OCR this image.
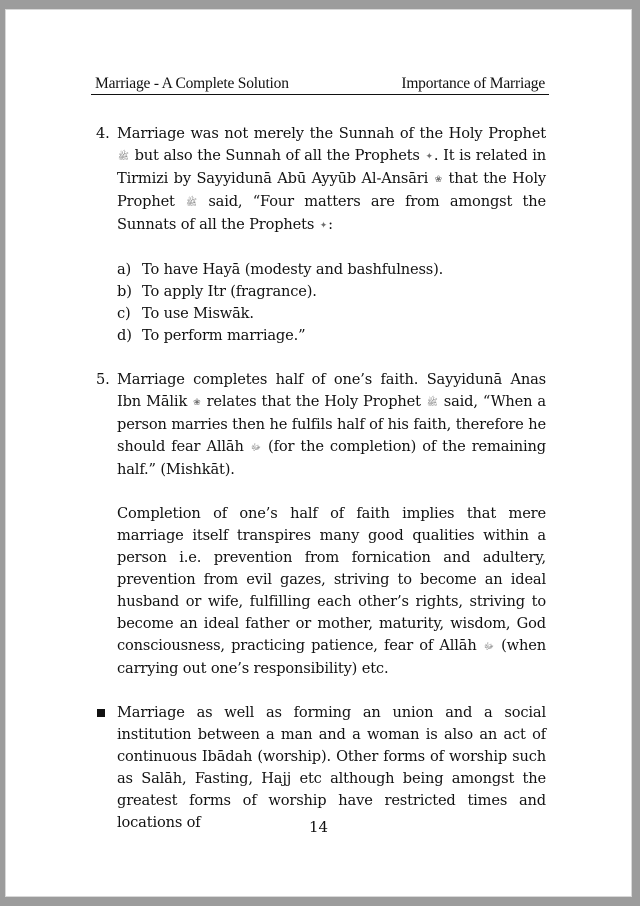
Marriage - A Complete Solution	Importance of Marriage
4. Marriage was not merely the Sunnah of the Holy Prophet ﷺ but also the Sunnah of all the Prophets ✦. It is related in Tirmizi by Sayyidunā Abū Ayyūb Al-Ansāri ❀ that the Holy Prophet ﷺ said, “Four matters are from amongst the Sunnats of all the Prophets ✦:
a) To have Hayā (modesty and bashfulness).
b) To apply Itr (fragrance).
c) To use Miswāk.
d) To perform marriage.”
5. Marriage completes half of one’s faith. Sayyidunā Anas Ibn Mālik ❀ relates that the Holy Prophet ﷺ said, “When a person marries then he fulfils half of his faith, therefore he should fear Allāh ﷻ (for the completion) of the remaining half.” (Mishkāt).
Completion of one’s half of faith implies that mere marriage itself transpires many good qualities within a person i.e. prevention from fornication and adultery, prevention from evil gazes, striving to become an ideal husband or wife, fulfilling each other’s rights, striving to become an ideal father or mother, maturity, wisdom, God consciousness, practicing patience, fear of Allāh ﷻ (when carrying out one’s responsibility) etc.
Marriage as well as forming an union and a social institution between a man and a woman is also an act of continuous Ibādah (worship). Other forms of worship such as Salāh, Fasting, Hajj etc although being amongst the greatest forms of worship have restricted times and locations of	14
